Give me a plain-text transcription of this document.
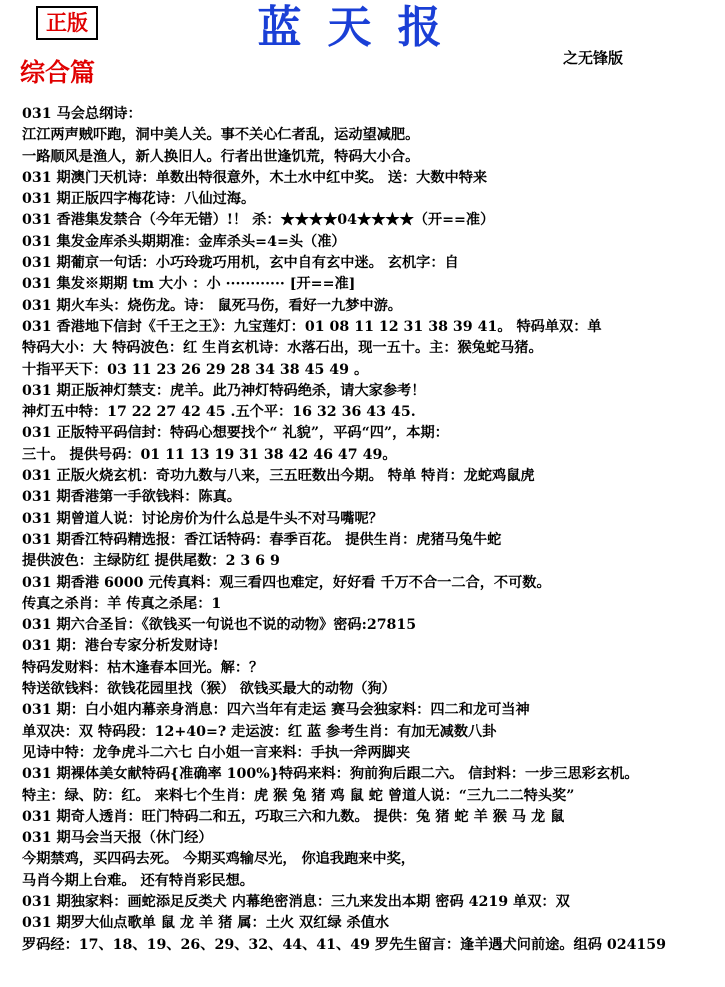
正版	蓝天报
之无锋版
综合篇
031 马会总纲诗：
江江两声贼吓跑，洞中美人关。事不关心仁者乱，运动望减肥。
一路顺风是渔人，新人换旧人。行者出世逢饥荒，特码大小合。
031 期澳门天机诗：单数出特很意外，木土水中红中奖。 送：大数中特来
031 期正版四字梅花诗：八仙过海。
031 香港集发禁合（今年无错）!！ 杀：★★★★04★★★★（开==准）
031 集发金库杀头期期准：金库杀头=4=头（准）
031 期葡京一句话：小巧玲珑巧用机，玄中自有玄中迷。 玄机字：自
031 集发※期期 tm 大小 ：小 ············ [开==准]
031 期火车头：烧伤龙。诗： 鼠死马伤，看好一九梦中游。
031 香港地下信封《千王之王》：九宝莲灯：01 08 11 12 31 38 39 41。 特码单双：单
特码大小：大 特码波色：红 生肖玄机诗：水落石出，现一五十。主：猴兔蛇马猪。
十指平天下：03 11 23 26 29 28 34 38 45 49 。
031 期正版神灯禁支：虎羊。此乃神灯特码绝杀，请大家参考！
神灯五中特：17 22 27 42 45 .五个平：16 32 36 43 45.
031 正版特平码信封：特码心想要找个“ 礼貌”，平码“四”，本期：
三十。 提供号码：01 11 13 19 31 38 42 46 47 49。
031 正版火烧玄机：奇功九数与八来，三五旺数出今期。 特单 特肖：龙蛇鸡鼠虎
031 期香港第一手欲钱料：陈真。
031 期曾道人说：讨论房价为什么总是牛头不对马嘴呢？
031 期香江特码精选报：香江话特码：春季百花。 提供生肖：虎猪马兔牛蛇
提供波色：主绿防红 提供尾数：2 3 6 9
031 期香港 6000 元传真料：观三看四也难定，好好看 千万不合一二合，不可数。
传真之杀肖：羊 传真之杀尾：1
031 期六合圣旨：《欲钱买一句说也不说的动物》密码:27815
031 期：港台专家分析发财诗!
特码发财料：枯木逢春本回光。解：？
特送欲钱料：欲钱花园里找（猴） 欲钱买最大的动物（狗）
031 期：白小姐内幕亲身消息：四六当年有走运 赛马会独家料：四二和龙可当神
单双决：双 特码段：12+40=? 走运波：红 蓝 参考生肖：有加无减数八卦
见诗中特：龙争虎斗二六七 白小姐一言来料：手执一斧两脚夹
031 期裸体美女献特码{准确率 100%}特码来料：狗前狗后跟二六。 信封料：一步三思彩玄机。
特主：绿、防：红。 来料七个生肖：虎 猴 兔 猪 鸡 鼠 蛇 曾道人说：“三九二二特头奖”
031 期奇人透肖：旺门特码二和五，巧取三六和九数。 提供：兔 猪 蛇 羊 猴 马 龙 鼠
031 期马会当天报（休门经）
今期禁鸡，买四码去死。 今期买鸡输尽光， 你追我跑来中奖，
马肖今期上台难。 还有特肖彩民想。
031 期独家料：画蛇添足反类犬 内幕绝密消息：三九来发出本期 密码 4219 单双：双
031 期罗大仙点歌单 鼠 龙 羊 猪 属：土火 双红绿 杀值水
罗码经：17、18、19、26、29、32、44、41、49 罗先生留言：逢羊遇犬问前途。组码 024159
